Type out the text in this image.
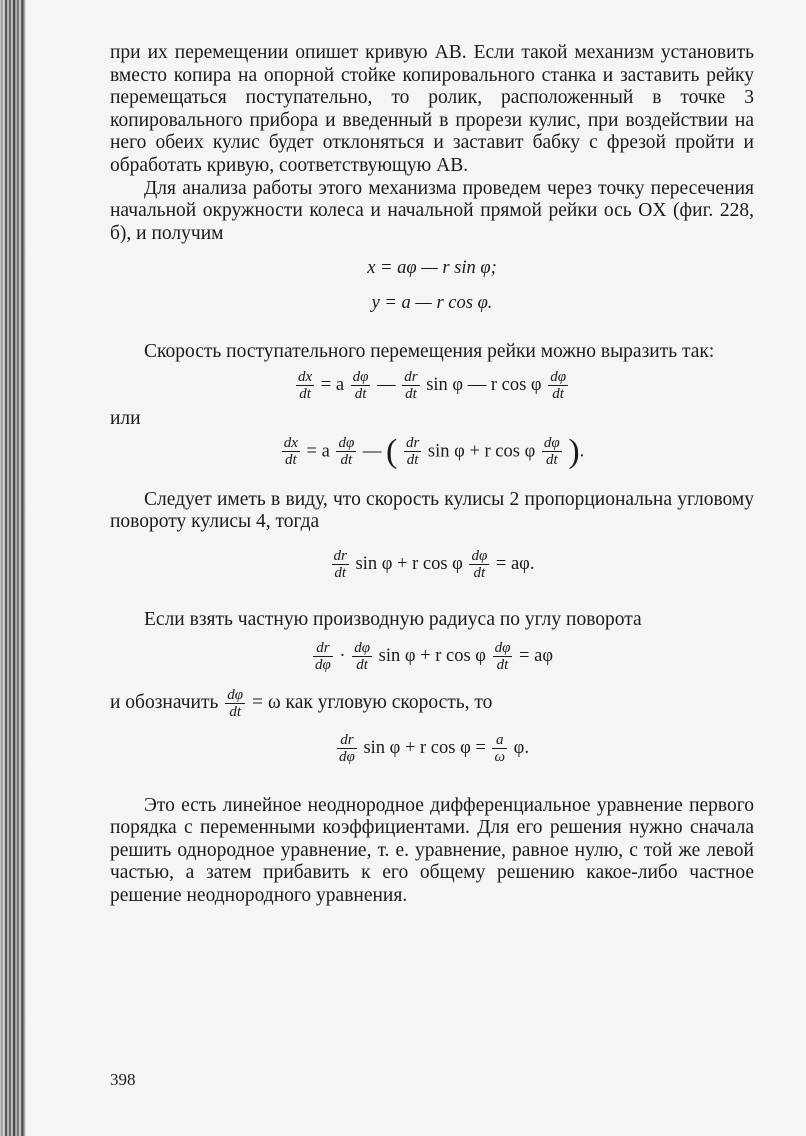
при их перемещении опишет кривую AB. Если такой механизм установить вместо копира на опорной стойке копировального станка и заставить рейку перемещаться поступательно, то ролик, расположенный в точке 3 копировального прибора и введенный в прорези кулис, при воздействии на него обеих кулис будет отклоняться и заставит бабку с фрезой пройти и обработать кривую, соответствующую AB.

Для анализа работы этого механизма проведем через точку пересечения начальной окружности колеса и начальной прямой рейки ось OX (фиг. 228, б), и получим

x = aφ — r sin φ;
y = a — r cos φ.

Скорость поступательного перемещения рейки можно выразить так:

$\frac{dx}{dt} = a \frac{d\varphi}{dt}$ — $\frac{dr}{dt}$ sin φ — r cos φ $\frac{d\varphi}{dt}$

или

$\frac{dx}{dt} = a \frac{d\varphi}{dt}$ — ( $\frac{dr}{dt}$ sin φ + r cos φ $\frac{d\varphi}{dt}$ ).

Следует иметь в виду, что скорость кулисы 2 пропорциональна угловому повороту кулисы 4, тогда

$\frac{dr}{dt}$ sin φ + r cos φ $\frac{d\varphi}{dt} = a\varphi$.

Если взять частную производную радиуса по углу поворота

$\frac{dr}{d\varphi} \cdot \frac{d\varphi}{dt}$ sin φ + r cos φ $\frac{d\varphi}{dt} = a\varphi$

и обозначить $\frac{d\varphi}{dt} = \omega$ как угловую скорость, то

$\frac{dr}{d\varphi}$ sin φ + r $\cos \varphi = \frac{a}{\omega} \varphi$.

Это есть линейное неоднородное дифференциальное уравнение первого порядка с переменными коэффициентами. Для его решения нужно сначала решить однородное уравнение, т. е. уравнение, равное нулю, с той же левой частью, а затем прибавить к его общему решению какое-либо частное решение неоднородного уравнения.

398
